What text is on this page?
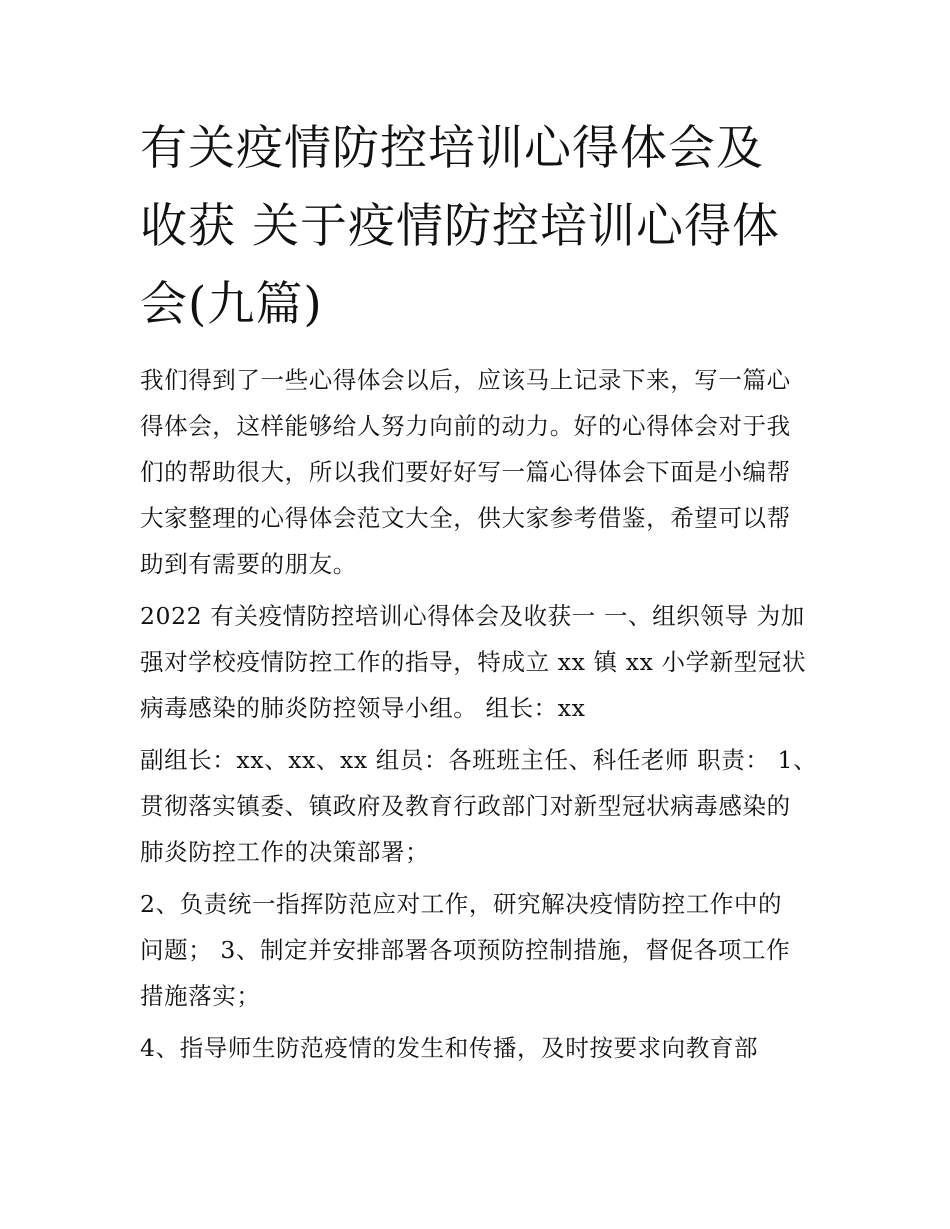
有关疫情防控培训心得体会及
收获 关于疫情防控培训心得体
会(九篇)

我们得到了一些心得体会以后，应该马上记录下来，写一篇心
得体会，这样能够给人努力向前的动力。好的心得体会对于我
们的帮助很大，所以我们要好好写一篇心得体会下面是小编帮
大家整理的心得体会范文大全，供大家参考借鉴，希望可以帮
助到有需要的朋友。

2022 有关疫情防控培训心得体会及收获一 一、组织领导 为加
强对学校疫情防控工作的指导，特成立 xx 镇 xx 小学新型冠状
病毒感染的肺炎防控领导小组。 组长：xx

副组长：xx、xx、xx 组员：各班班主任、科任老师 职责： 1、
贯彻落实镇委、镇政府及教育行政部门对新型冠状病毒感染的
肺炎防控工作的决策部署；

2、负责统一指挥防范应对工作，研究解决疫情防控工作中的
问题； 3、制定并安排部署各项预防控制措施，督促各项工作
措施落实；

4、指导师生防范疫情的发生和传播，及时按要求向教育部
